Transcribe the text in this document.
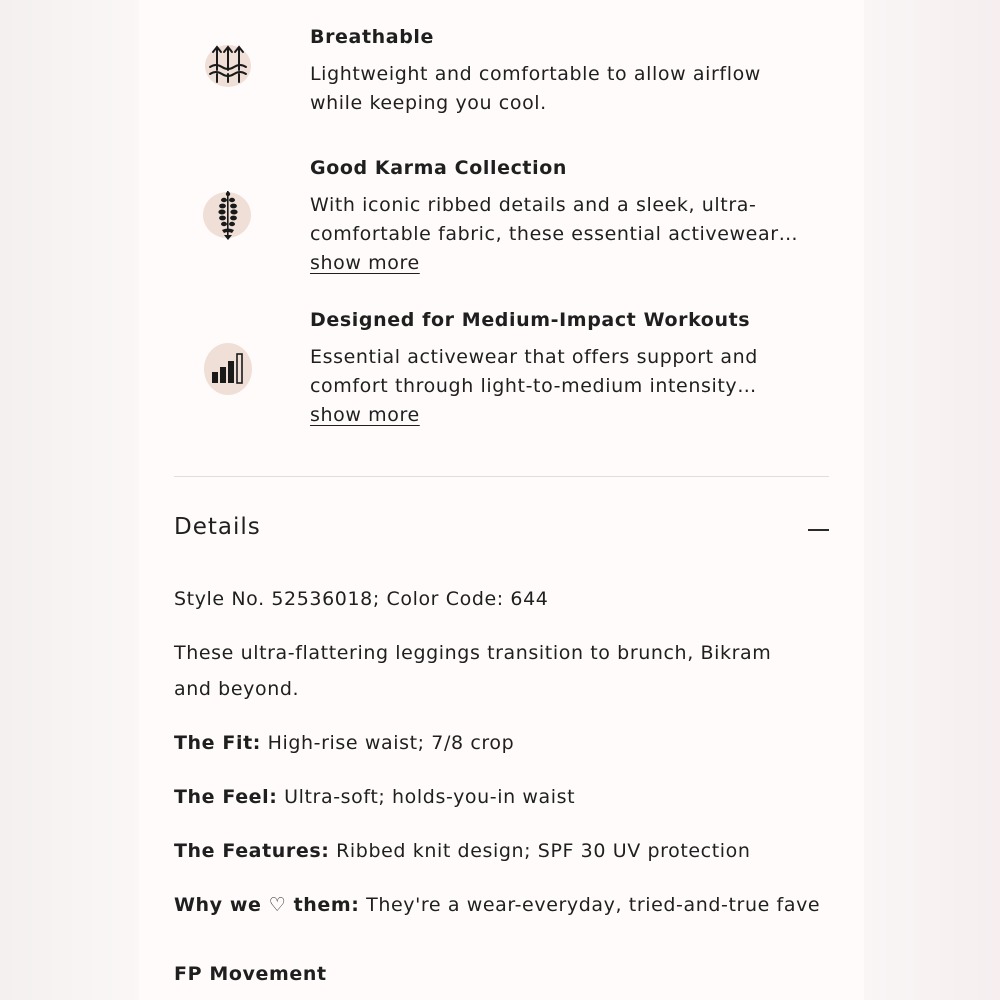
Breathable

Lightweight and comfortable to allow airflow while keeping you cool.

Good Karma Collection

With iconic ribbed details and a sleek, ultra-comfortable fabric, these essential activewear…

show more

Designed for Medium-Impact Workouts

Essential activewear that offers support and comfort through light-to-medium intensity…

show more
Details
Style No. 52536018; Color Code: 644
These ultra-flattering leggings transition to brunch, Bikram and beyond.
The Fit: High-rise waist; 7/8 crop
The Feel: Ultra-soft; holds-you-in waist
The Features: Ribbed knit design; SPF 30 UV protection
Why we ♡ them: They're a wear-everyday, tried-and-true fave
FP Movement
